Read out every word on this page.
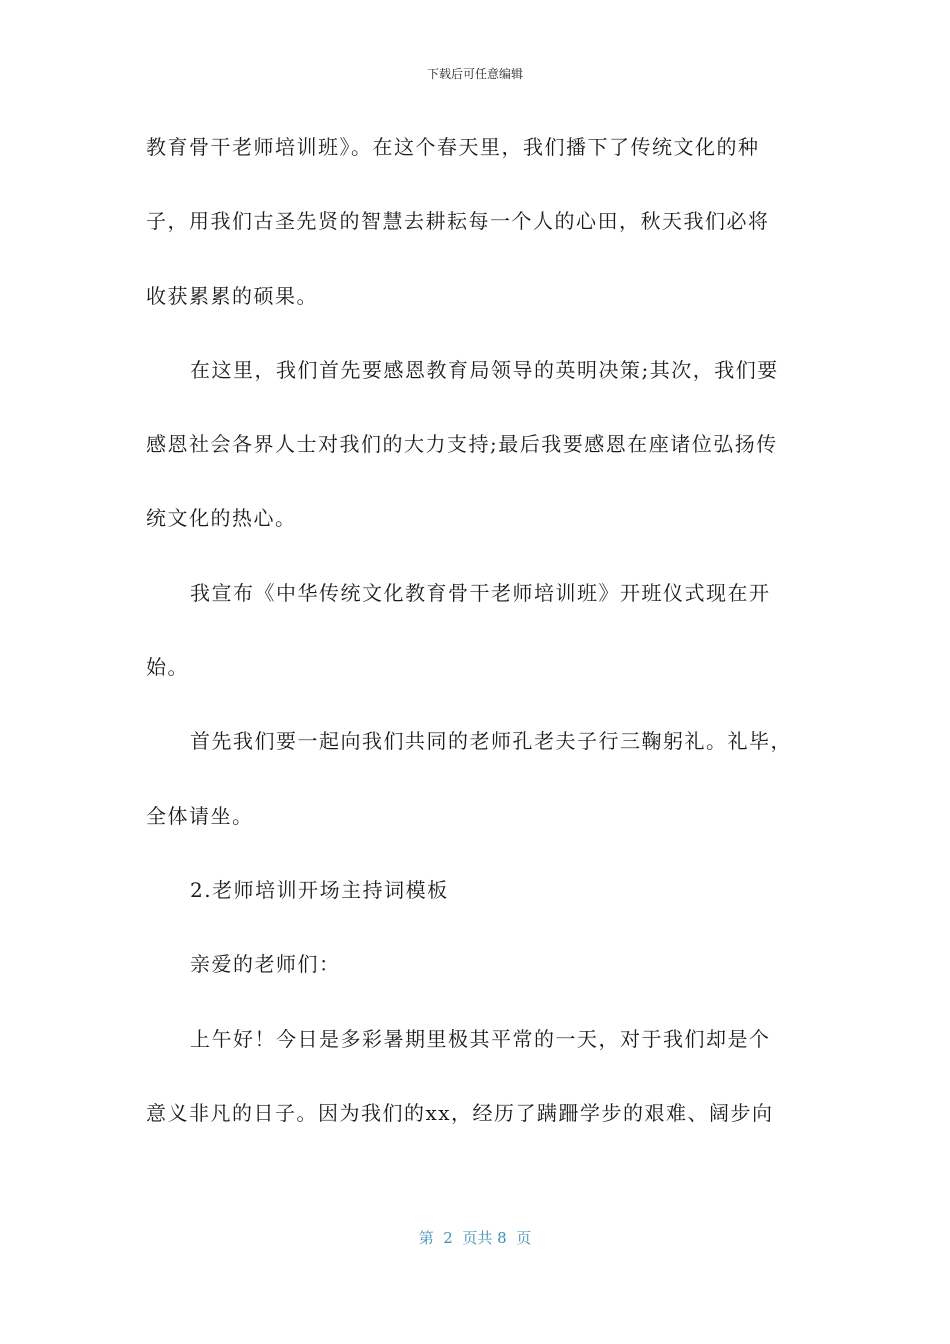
下载后可任意编辑
教育骨干老师培训班》。在这个春天里，我们播下了传统文化的种
子，用我们古圣先贤的智慧去耕耘每一个人的心田，秋天我们必将
收获累累的硕果。
在这里，我们首先要感恩教育局领导的英明决策;其次，我们要
感恩社会各界人士对我们的大力支持;最后我要感恩在座诸位弘扬传
统文化的热心。
我宣布《中华传统文化教育骨干老师培训班》开班仪式现在开
始。
首先我们要一起向我们共同的老师孔老夫子行三鞠躬礼。礼毕，
全体请坐。
2.老师培训开场主持词模板
亲爱的老师们：
上午好！今日是多彩暑期里极其平常的一天，对于我们却是个
意义非凡的日子。因为我们的xx，经历了蹒跚学步的艰难、阔步向
第  2  页共 8  页
